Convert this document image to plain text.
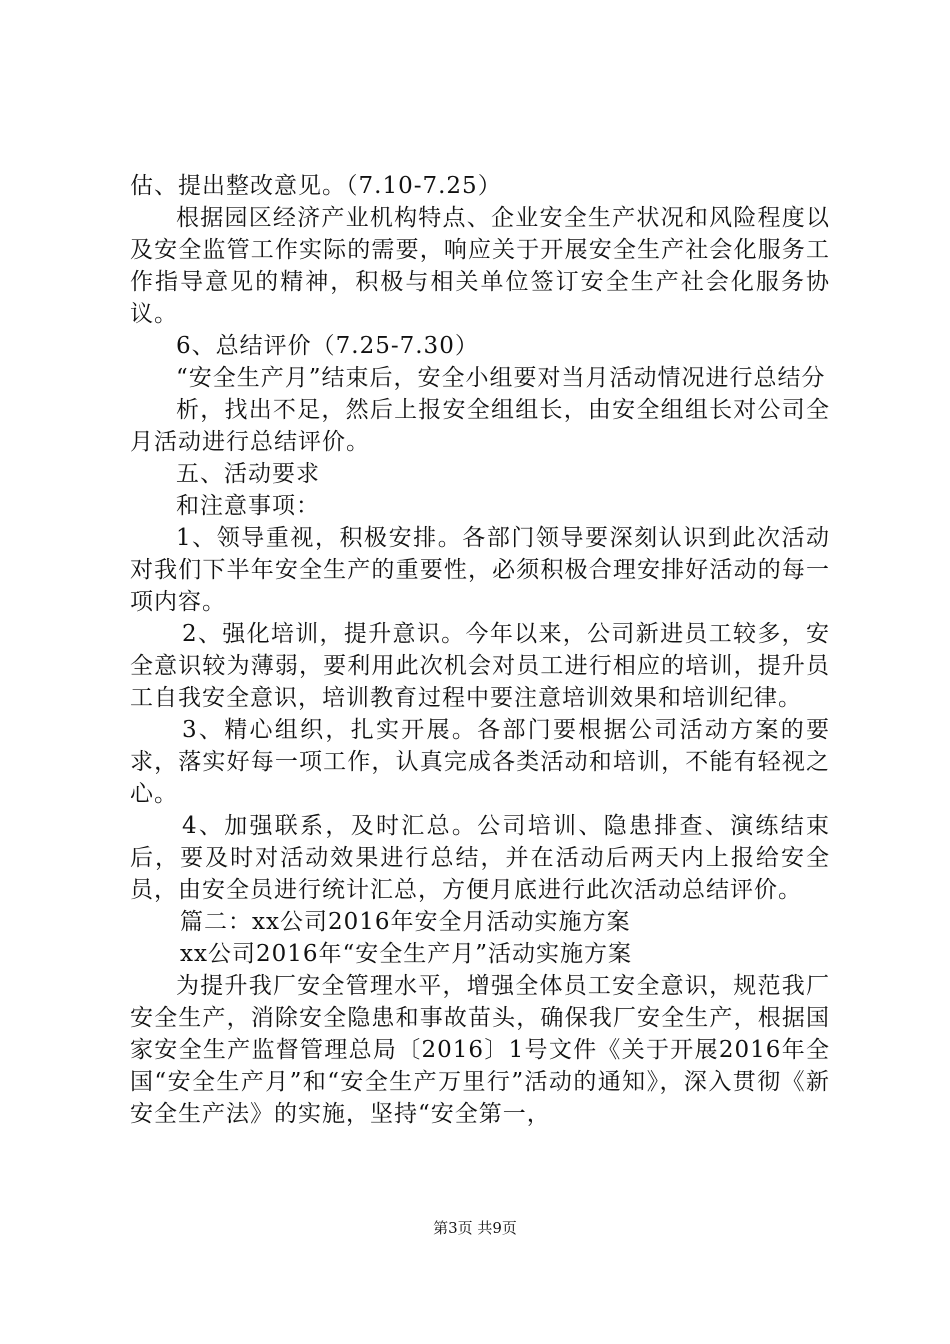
估、提出整改意见。（7.10-7.25）

根据园区经济产业机构特点、企业安全生产状况和风险程度以及安全监管工作实际的需要，响应关于开展安全生产社会化服务工作指导意见的精神，积极与相关单位签订安全生产社会化服务协议。

6、总结评价（7.25-7.30）

“安全生产月”结束后，安全小组要对当月活动情况进行总结分

析，找出不足，然后上报安全组组长，由安全组组长对公司全月活动进行总结评价。

五、活动要求

和注意事项：

1、领导重视，积极安排。各部门领导要深刻认识到此次活动对我们下半年安全生产的重要性，必须积极合理安排好活动的每一项内容。

2、强化培训，提升意识。今年以来，公司新进员工较多，安全意识较为薄弱，要利用此次机会对员工进行相应的培训，提升员工自我安全意识，培训教育过程中要注意培训效果和培训纪律。

3、精心组织，扎实开展。各部门要根据公司活动方案的要求，落实好每一项工作，认真完成各类活动和培训，不能有轻视之心。

4、加强联系，及时汇总。公司培训、隐患排查、演练结束后，要及时对活动效果进行总结，并在活动后两天内上报给安全员，由安全员进行统计汇总，方便月底进行此次活动总结评价。

篇二：xx公司2016年安全月活动实施方案

xx公司2016年“安全生产月”活动实施方案

为提升我厂安全管理水平，增强全体员工安全意识，规范我厂安全生产，消除安全隐患和事故苗头，确保我厂安全生产，根据国家安全生产监督管理总局〔2016〕1号文件《关于开展2016年全国“安全生产月”和“安全生产万里行”活动的通知》，深入贯彻《新安全生产法》的实施，坚持“安全第一，

第3页 共9页
